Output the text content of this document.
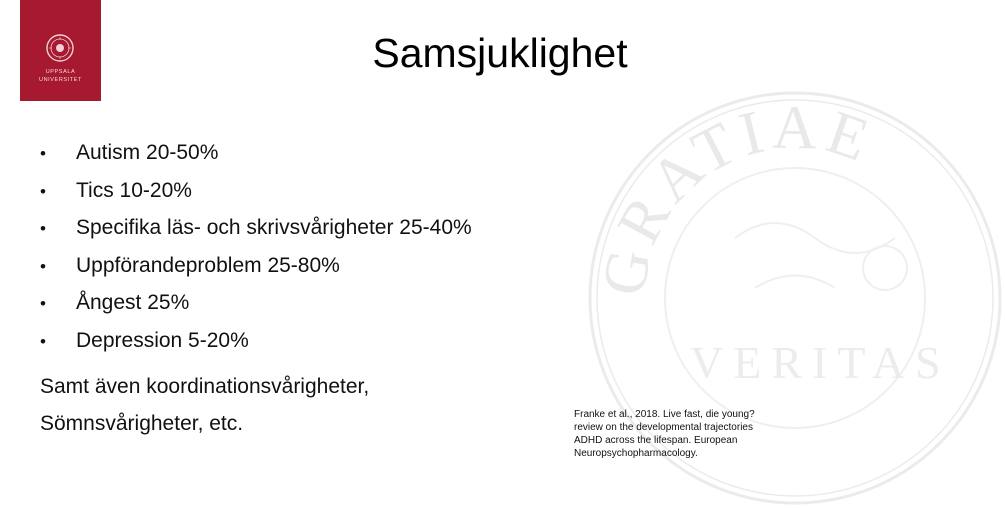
GRATIAE
VERITAS
UPPSALA
UNIVERSITET
Samsjuklighet
• Autism 20-50%
• Tics 10-20%
• Specifika läs- och skrivsvårigheter 25-40%
• Uppförandeproblem 25-80%
• Ångest 25%
• Depression 5-20%
Samt även koordinationsvårigheter,
Sömnsvårigheter, etc.	Franke et al., 2018. Live fast, die young?
review on the developmental trajectories
ADHD across the lifespan. European
Neuropsychopharmacology.
